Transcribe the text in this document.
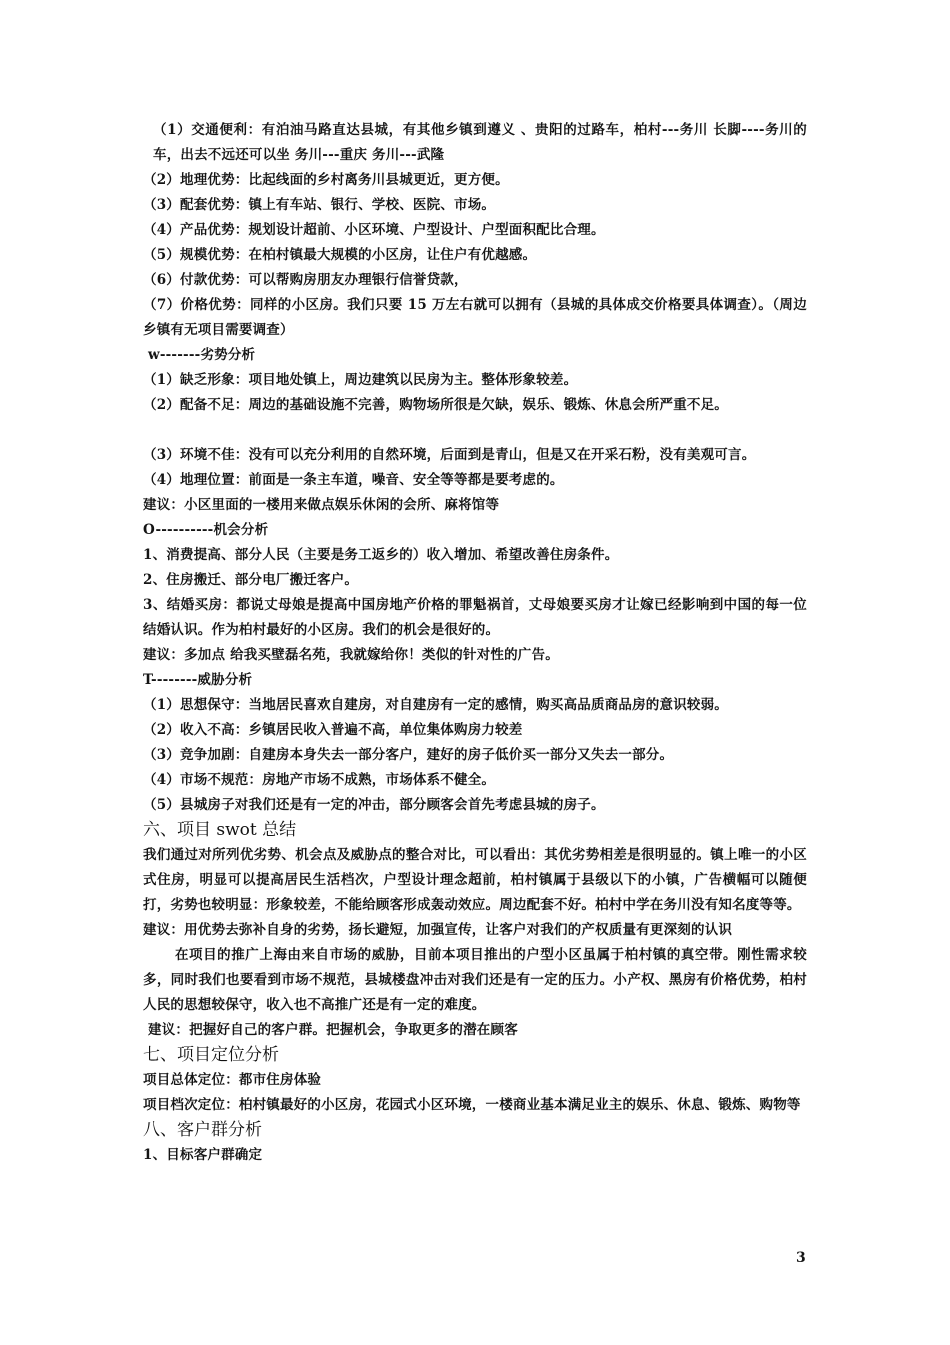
（1）交通便利：有泊油马路直达县城，有其他乡镇到遵义 、贵阳的过路车，柏村---务川 长脚----务川的车，出去不远还可以坐 务川---重庆 务川---武隆

（2）地理优势：比起线面的乡村离务川县城更近，更方便。

（3）配套优势：镇上有车站、银行、学校、医院、市场。

（4）产品优势：规划设计超前、小区环境、户型设计、户型面积配比合理。

（5）规模优势：在柏村镇最大规模的小区房，让住户有优越感。

（6）付款优势：可以帮购房朋友办理银行信誉贷款，

（7）价格优势：同样的小区房。我们只要 15 万左右就可以拥有（县城的具体成交价格要具体调查）。（周边乡镇有无项目需要调查）

w-------劣势分析

（1）缺乏形象：项目地处镇上，周边建筑以民房为主。整体形象较差。

（2）配备不足：周边的基础设施不完善，购物场所很是欠缺，娱乐、锻炼、休息会所严重不足。

（3）环境不佳：没有可以充分利用的自然环境，后面到是青山，但是又在开采石粉，没有美观可言。

（4）地理位置：前面是一条主车道，噪音、安全等等都是要考虑的。

建议：小区里面的一楼用来做点娱乐休闲的会所、麻将馆等

O----------机会分析

1、消费提高、部分人民（主要是务工返乡的）收入增加、希望改善住房条件。

2、住房搬迁、部分电厂搬迁客户。

3、结婚买房：都说丈母娘是提高中国房地产价格的罪魁祸首，丈母娘要买房才让嫁已经影响到中国的每一位结婚认识。作为柏村最好的小区房。我们的机会是很好的。

建议：多加点 给我买壁磊名苑，我就嫁给你！类似的针对性的广告。

T--------威胁分析

（1）思想保守：当地居民喜欢自建房，对自建房有一定的感情，购买高品质商品房的意识较弱。

（2）收入不高：乡镇居民收入普遍不高，单位集体购房力较差

（3）竞争加剧：自建房本身失去一部分客户，建好的房子低价买一部分又失去一部分。

（4）市场不规范：房地产市场不成熟，市场体系不健全。

（5）县城房子对我们还是有一定的冲击，部分顾客会首先考虑县城的房子。

六、项目 swot 总结

我们通过对所列优劣势、机会点及威胁点的整合对比，可以看出：其优劣势相差是很明显的。镇上唯一的小区式住房，明显可以提高居民生活档次，户型设计理念超前，柏村镇属于县级以下的小镇，广告横幅可以随便打，劣势也较明显：形象较差，不能给顾客形成轰动效应。周边配套不好。柏村中学在务川没有知名度等等。

建议：用优势去弥补自身的劣势，扬长避短，加强宣传，让客户对我们的产权质量有更深刻的认识

在项目的推广上海由来自市场的威胁，目前本项目推出的户型小区虽属于柏村镇的真空带。刚性需求较多，同时我们也要看到市场不规范，县城楼盘冲击对我们还是有一定的压力。小产权、黑房有价格优势，柏村人民的思想较保守，收入也不高推广还是有一定的难度。

建议：把握好自己的客户群。把握机会，争取更多的潜在顾客

七、项目定位分析

项目总体定位：都市住房体验

项目档次定位：柏村镇最好的小区房，花园式小区环境，一楼商业基本满足业主的娱乐、休息、锻炼、购物等

八、客户群分析

1、目标客户群确定

3
